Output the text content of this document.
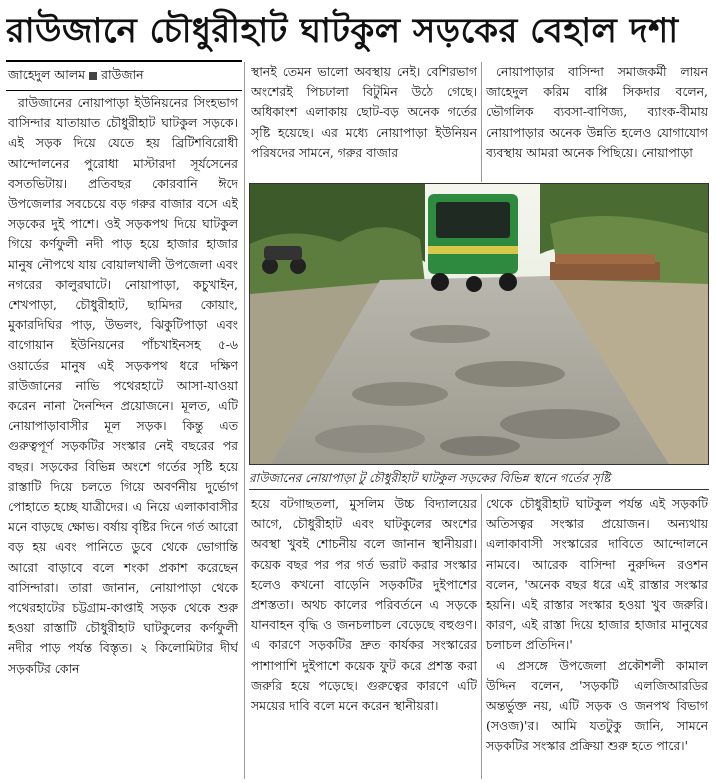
রাউজানে চৌধুরীহাট ঘাটকুল সড়কের বেহাল দশা
জাহেদুল আলম রাউজান

রাউজানের নোয়াপাড়া ইউনিয়নের সিংহভাগ বাসিন্দার যাতায়াত চৌধুরীহাট ঘাটকুল সড়কে। এই সড়ক দিয়ে যেতে হয় ব্রিটিশবিরোধী আন্দোলনের পুরোধা মাস্টারদা সূর্যসেনের বসতভিটায়। প্রতিবছর কোরবানি ঈদে উপজেলার সবচেয়ে বড় গরুর বাজার বসে এই সড়কের দুই পাশে। ওই সড়কপথ দিয়ে ঘাটকুল গিয়ে কর্ণফুলী নদী পাড় হয়ে হাজার হাজার মানুষ নৌপথে যায় বোয়ালখালী উপজেলা এবং নগরের কালুরঘাটে। নোয়াপাড়া, কচুখাইন, শেখপাড়া, চৌধুরীহাট, ছামিদর কোয়াং, মুকারদিঘির পাড়, উভলং, ঝিকুটিপাড়া এবং বাগোয়ান ইউনিয়নের পাঁচখাইনসহ ৫-৬ ওয়ার্ডের মানুষ এই সড়কপথ ধরে দক্ষিণ রাউজানের নাভি পথেরহাটে আসা-যাওয়া করেন নানা দৈনন্দিন প্রয়োজনে। মূলত, এটি নোয়াপাড়াবাসীর মূল সড়ক। কিন্তু এত গুরুত্বপূর্ণ সড়কটির সংস্কার নেই বছরের পর বছর। সড়কের বিভিন্ন অংশে গর্তের সৃষ্টি হয়ে রাস্তাটি দিয়ে চলতে গিয়ে অবর্ণনীয় দুর্ভোগ পোহাতে হচ্ছে যাত্রীদের। এ নিয়ে এলাকাবাসীর মনে বাড়ছে ক্ষোভ। বর্ষায় বৃষ্টির দিনে গর্ত আরো বড় হয় এবং পানিতে ডুবে থেকে ভোগান্তি আরো বাড়াবে বলে শংকা প্রকাশ করেছেন বাসিন্দারা। তারা জানান, নোয়াপাড়া থেকে পথেরহাটের চট্টগ্রাম-কাপ্তাই সড়ক থেকে শুরু হওয়া রাস্তাটি চৌধুরীহাট ঘাটকুলের কর্ণফুলী নদীর পাড় পর্যন্ত বিস্তৃত। ২ কিলোমিটার দীর্ঘ সড়কটির কোন

স্থানই তেমন ভালো অবস্থায় নেই। বেশিরভাগ অংশেরই পিচঢালা বিটুমিন উঠে গেছে। অধিকাংশ এলাকায় ছোট-বড় অনেক গর্তের সৃষ্টি হয়েছে। এর মধ্যে নোয়াপাড়া ইউনিয়ন পরিষদের সামনে, গরুর বাজার

নোয়াপাড়ার বাসিন্দা সমাজকর্মী লায়ন জাহেদুল করিম বাপ্পি সিকদার বলেন, ভৌগলিক ব্যবসা-বাণিজ্য, ব্যাংক-বীমায় নোয়াপাড়ার অনেক উন্নতি হলেও যোগাযোগ ব্যবস্থায় আমরা অনেক পিছিয়ে। নোয়াপাড়া

রাউজানের নোয়াপাড়া টু চৌধুরীহাট ঘাটকুল সড়কের বিভিন্ন স্থানে গর্তের সৃষ্টি

হয়ে বটগাছতলা, মুসলিম উচ্চ বিদ্যালয়ের আগে, চৌধুরীহাট এবং ঘাটকুলের অংশের অবস্থা খুবই শোচনীয় বলে জানান স্থানীয়রা। কয়েক বছর পর পর গর্ত ভরাট করার সংস্কার হলেও কখনো বাড়েনি সড়কটির দুইপাশের প্রশস্ততা। অথচ কালের পরিবর্তনে এ সড়কে যানবাহন বৃদ্ধি ও জনচলাচল বেড়েছে বহুগুণ। এ কারণে সড়কটির দ্রুত কার্যকর সংস্কারের পাশাপাশি দুইপাশে কয়েক ফুট করে প্রশস্ত করা জরুরি হয়ে পড়েছে। গুরুত্বের কারণে এটি সময়ের দাবি বলে মনে করেন স্থানীয়রা।

থেকে চৌধুরীহাট ঘাটকুল পর্যন্ত এই সড়কটি অতিসত্বর সংস্কার প্রয়োজন। অন্যথায় এলাকাবাসী সংস্কারের দাবিতে আন্দোলনে নামবে। আরেক বাসিন্দা নুরুদ্দিন রওশন বলেন, 'অনেক বছর ধরে এই রাস্তার সংস্কার হয়নি। এই রাস্তার সংস্কার হওয়া খুব জরুরি। কারণ, এই রাস্তা দিয়ে হাজার হাজার মানুষের চলাচল প্রতিদিন।'

এ প্রসঙ্গে উপজেলা প্রকৌশলী কামাল উদ্দিন বলেন, 'সড়কটি এলজিআরডির অন্তর্ভুক্ত নয়, এটি সড়ক ও জনপথ বিভাগ (সওজ)'র। আমি যতটুকু জানি, সামনে সড়কটির সংস্কার প্রক্রিয়া শুরু হতে পারে।'
